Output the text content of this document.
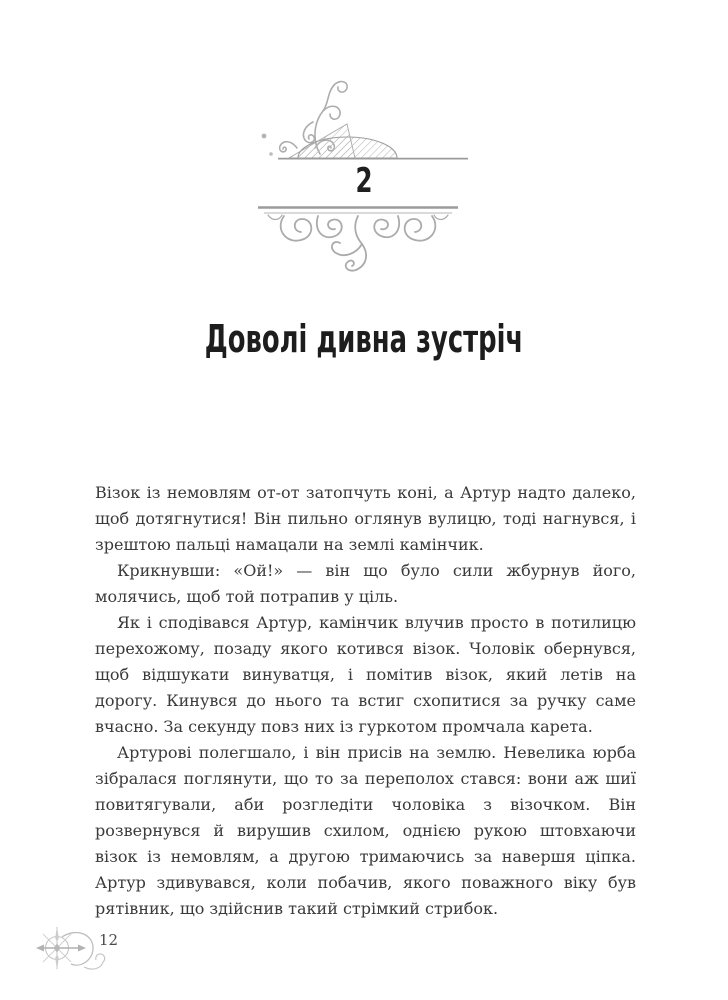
2
Доволі дивна зустріч

Візок із немовлям от-от затопчуть коні, а Артур надто далеко, щоб дотягнутися! Він пильно оглянув вулицю, тоді нагнувся, і зрештою пальці намацали на землі камінчик.

Крикнувши: «Ой!» — він що було сили жбурнув його, молячись, щоб той потрапив у ціль.

Як і сподівався Артур, камінчик влучив просто в потилицю перехожому, позаду якого котився візок. Чоловік обернувся, щоб відшукати винуватця, і помітив візок, який летів на дорогу. Кинувся до нього та встиг схопитися за ручку саме вчасно. За секунду повз них із гуркотом промчала карета.

Артурові полегшало, і він присів на землю. Невелика юрба зібралася поглянути, що то за переполох стався: вони аж шиї повитягували, аби розгледіти чоловіка з візочком. Він розвернувся й вирушив схилом, однією рукою штовхаючи візок із немовлям, а другою тримаючись за навершя ціпка. Артур здивувався, коли побачив, якого поважного віку був рятівник, що здійснив такий стрімкий стрибок.

12
